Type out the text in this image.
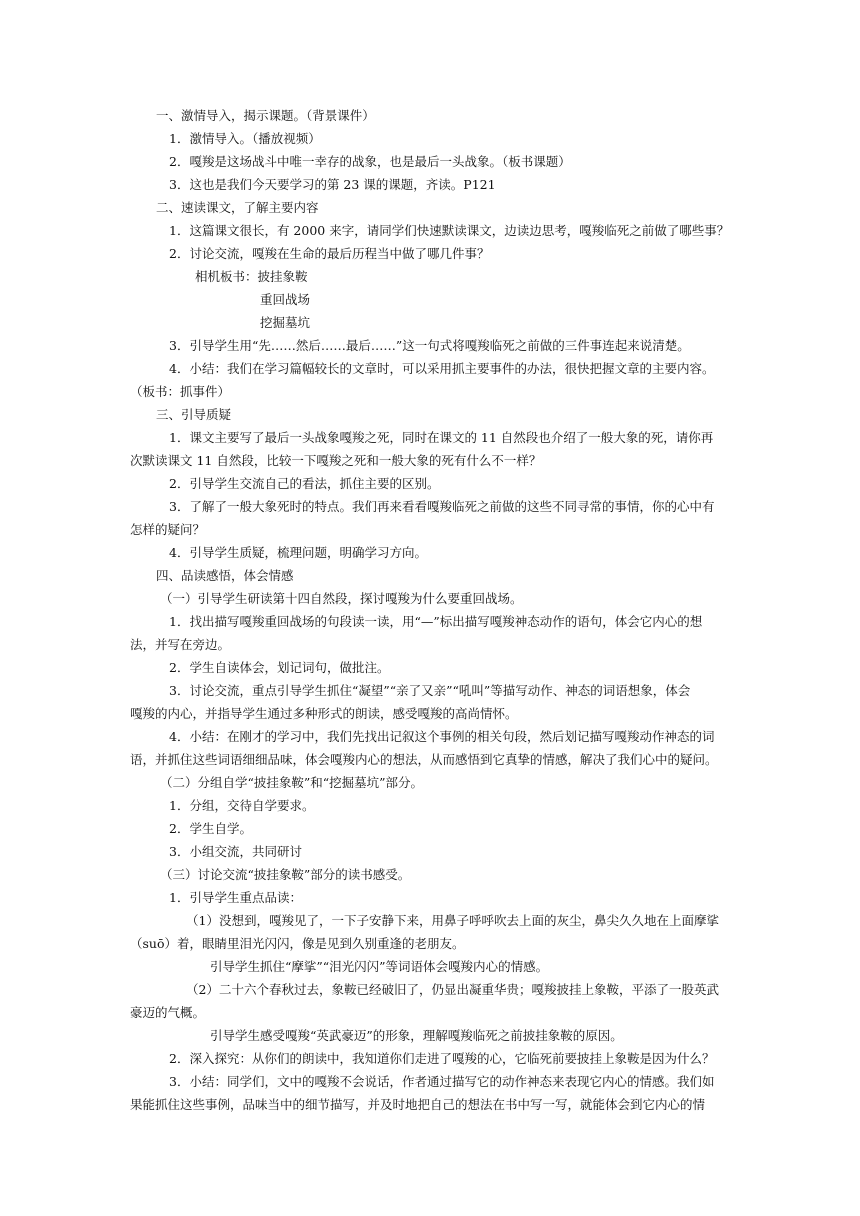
一、激情导入，揭示课题。（背景课件）
1．激情导入。（播放视频）
2．嘎羧是这场战斗中唯一幸存的战象，也是最后一头战象。（板书课题）
3．这也是我们今天要学习的第 23 课的课题，齐读。P121
二、速读课文，了解主要内容
1．这篇课文很长，有 2000 来字，请同学们快速默读课文，边读边思考，嘎羧临死之前做了哪些事？
2．讨论交流，嘎羧在生命的最后历程当中做了哪几件事？
相机板书：披挂象鞍
重回战场
挖掘墓坑
3．引导学生用“先……然后……最后……”这一句式将嘎羧临死之前做的三件事连起来说清楚。
4．小结：我们在学习篇幅较长的文章时，可以采用抓主要事件的办法，很快把握文章的主要内容。
（板书：抓事件）
三、引导质疑
1．课文主要写了最后一头战象嘎羧之死，同时在课文的 11 自然段也介绍了一般大象的死，请你再
次默读课文 11 自然段，比较一下嘎羧之死和一般大象的死有什么不一样？
2．引导学生交流自己的看法，抓住主要的区别。
3．了解了一般大象死时的特点。我们再来看看嘎羧临死之前做的这些不同寻常的事情，你的心中有
怎样的疑问？
4．引导学生质疑，梳理问题，明确学习方向。
四、品读感悟，体会情感
（一）引导学生研读第十四自然段，探讨嘎羧为什么要重回战场。
1．找出描写嘎羧重回战场的句段读一读，用“—”标出描写嘎羧神态动作的语句，体会它内心的想
法，并写在旁边。
2．学生自读体会，划记词句，做批注。
3．讨论交流，重点引导学生抓住“凝望”“亲了又亲”“吼叫”等描写动作、神态的词语想象，体会
嘎羧的内心，并指导学生通过多种形式的朗读，感受嘎羧的高尚情怀。
4．小结：在刚才的学习中，我们先找出记叙这个事例的相关句段，然后划记描写嘎羧动作神态的词
语，并抓住这些词语细细品味，体会嘎羧内心的想法，从而感悟到它真挚的情感，解决了我们心中的疑问。
（二）分组自学“披挂象鞍”和“挖掘墓坑”部分。
1．分组，交待自学要求。
2．学生自学。
3．小组交流，共同研讨
（三）讨论交流“披挂象鞍”部分的读书感受。
1．引导学生重点品读：
（1）没想到，嘎羧见了，一下子安静下来，用鼻子呼呼吹去上面的灰尘，鼻尖久久地在上面摩挲
（suō）着，眼睛里泪光闪闪，像是见到久别重逢的老朋友。
引导学生抓住“摩挲”“泪光闪闪”等词语体会嘎羧内心的情感。
（2）二十六个春秋过去，象鞍已经破旧了，仍显出凝重华贵；嘎羧披挂上象鞍，平添了一股英武
豪迈的气概。
引导学生感受嘎羧“英武豪迈”的形象，理解嘎羧临死之前披挂象鞍的原因。
2．深入探究：从你们的朗读中，我知道你们走进了嘎羧的心，它临死前要披挂上象鞍是因为什么？
3．小结：同学们，文中的嘎羧不会说话，作者通过描写它的动作神态来表现它内心的情感。我们如
果能抓住这些事例，品味当中的细节描写，并及时地把自己的想法在书中写一写，就能体会到它内心的情
